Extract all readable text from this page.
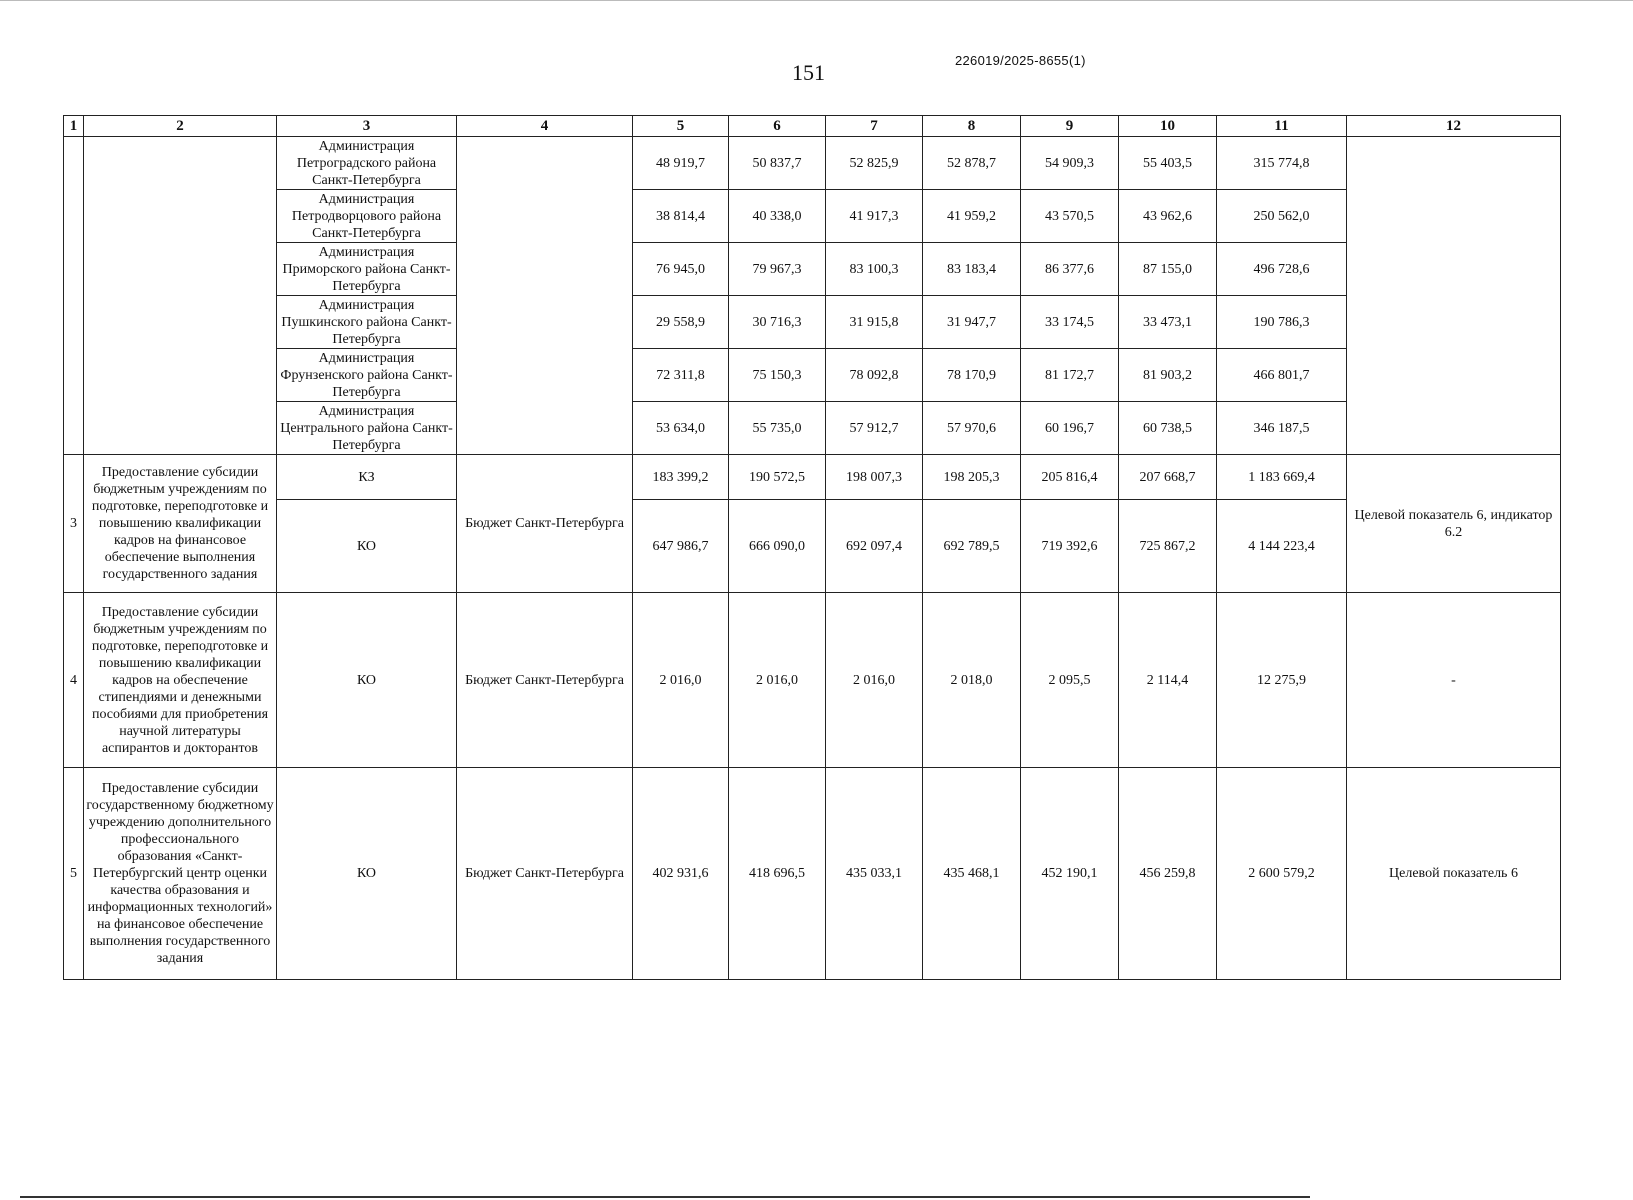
151	226019/2025-8655(1)
1	2	3	4	5	6	7	8	9	10	11	12
		Администрация Петроградского района Санкт-Петербурга		48 919,7	50 837,7	52 825,9	52 878,7	54 909,3	55 403,5	315 774,8	
		Администрация Петродворцового района Санкт-Петербурга		38 814,4	40 338,0	41 917,3	41 959,2	43 570,5	43 962,6	250 562,0	
		Администрация Приморского района Санкт-Петербурга		76 945,0	79 967,3	83 100,3	83 183,4	86 377,6	87 155,0	496 728,6	
		Администрация Пушкинского района Санкт-Петербурга		29 558,9	30 716,3	31 915,8	31 947,7	33 174,5	33 473,1	190 786,3	
		Администрация Фрунзенского района Санкт-Петербурга		72 311,8	75 150,3	78 092,8	78 170,9	81 172,7	81 903,2	466 801,7	
		Администрация Центрального района Санкт-Петербурга		53 634,0	55 735,0	57 912,7	57 970,6	60 196,7	60 738,5	346 187,5	
3	Предоставление субсидии бюджетным учреждениям по подготовке, переподготовке и повышению квалификации кадров на финансовое обеспечение выполнения государственного задания	КЗ	Бюджет Санкт-Петербурга	183 399,2	190 572,5	198 007,3	198 205,3	205 816,4	207 668,7	1 183 669,4	Целевой показатель 6, индикатор 6.2
		КО		647 986,7	666 090,0	692 097,4	692 789,5	719 392,6	725 867,2	4 144 223,4	
4	Предоставление субсидии бюджетным учреждениям по подготовке, переподготовке и повышению квалификации кадров на обеспечение стипендиями и денежными пособиями для приобретения научной литературы аспирантов и докторантов	КО	Бюджет Санкт-Петербурга	2 016,0	2 016,0	2 016,0	2 018,0	2 095,5	2 114,4	12 275,9	-
5	Предоставление субсидии государственному бюджетному учреждению дополнительного профессионального образования «Санкт-Петербургский центр оценки качества образования и информационных технологий» на финансовое обеспечение выполнения государственного задания	КО	Бюджет Санкт-Петербурга	402 931,6	418 696,5	435 033,1	435 468,1	452 190,1	456 259,8	2 600 579,2	Целевой показатель 6
